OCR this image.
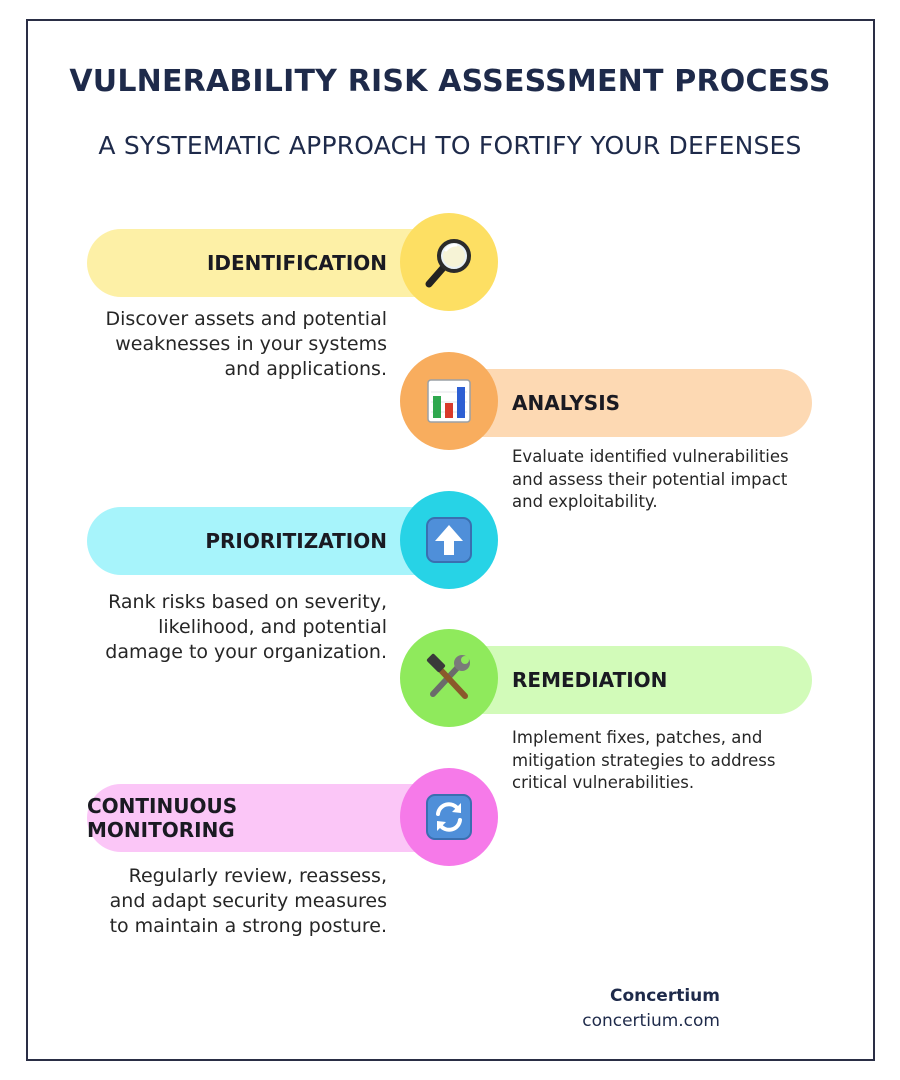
VULNERABILITY RISK ASSESSMENT PROCESS
A SYSTEMATIC APPROACH TO FORTIFY YOUR DEFENSES
IDENTIFICATION
Discover assets and potential weaknesses in your systems and applications.
ANALYSIS
Evaluate identified vulnerabilities and assess their potential impact and exploitability.
PRIORITIZATION
Rank risks based on severity, likelihood, and potential damage to your organization.
REMEDIATION
Implement fixes, patches, and mitigation strategies to address critical vulnerabilities.
CONTINUOUS MONITORING
Regularly review, reassess, and adapt security measures to maintain a strong posture.
Concertium
concertium.com
